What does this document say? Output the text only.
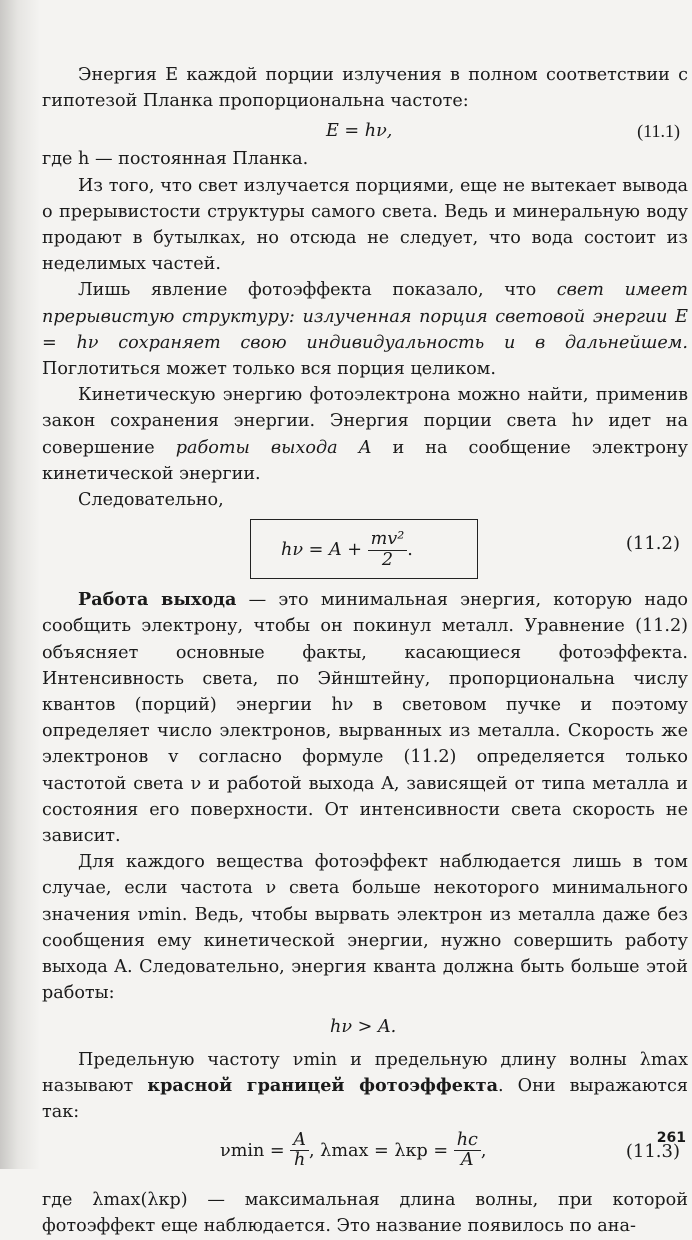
Энергия E каждой порции излучения в полном соответствии с гипотезой Планка пропорциональна частоте:

E = hν,	(11.1)

где h — постоянная Планка.

Из того, что свет излучается порциями, еще не вытекает вывода о прерывистости структуры самого света. Ведь и минеральную воду продают в бутылках, но отсюда не следует, что вода состоит из неделимых частей.

Лишь явление фотоэффекта показало, что свет имеет прерывистую структуру: излученная порция световой энергии E = hν сохраняет свою индивидуальность и в дальнейшем. Поглотиться может только вся порция целиком.

Кинетическую энергию фотоэлектрона можно найти, применив закон сохранения энергии. Энергия порции света hν идет на совершение работы выхода A и на сообщение электрону кинетической энергии.

Следовательно,

$h\nu = A + \frac{\text{mv²}}{2}$ .	(11.2)

Работа выхода — это минимальная энергия, которую надо сообщить электрону, чтобы он покинул металл. Уравнение (11.2) объясняет основные факты, касающиеся фотоэффекта. Интенсивность света, по Эйнштейну, пропорциональна числу квантов (порций) энергии hν в световом пучке и поэтому определяет число электронов, вырванных из металла. Скорость же электронов v согласно формуле (11.2) определяется только частотой света ν и работой выхода A, зависящей от типа металла и состояния его поверхности. От интенсивности света скорость не зависит.

Для каждого вещества фотоэффект наблюдается лишь в том случае, если частота ν света больше некоторого минимального значения νmin. Ведь, чтобы вырвать электрон из металла даже без сообщения ему кинетической энергии, нужно совершить работу выхода A. Следовательно, энергия кванта должна быть больше этой работы:

hν > A.

Предельную частоту νmin и предельную длину волны λmax называют красной границей фотоэффекта. Они выражаются так:

$\nu\min = \frac{A}{h}$ , $\lambda\max = \lambda кр = \frac{hc}{A}$ ,	(11.3)

где λmax(λкр) — максимальная длина волны, при которой фотоэффект еще наблюдается. Это название появилось по ана-

261
